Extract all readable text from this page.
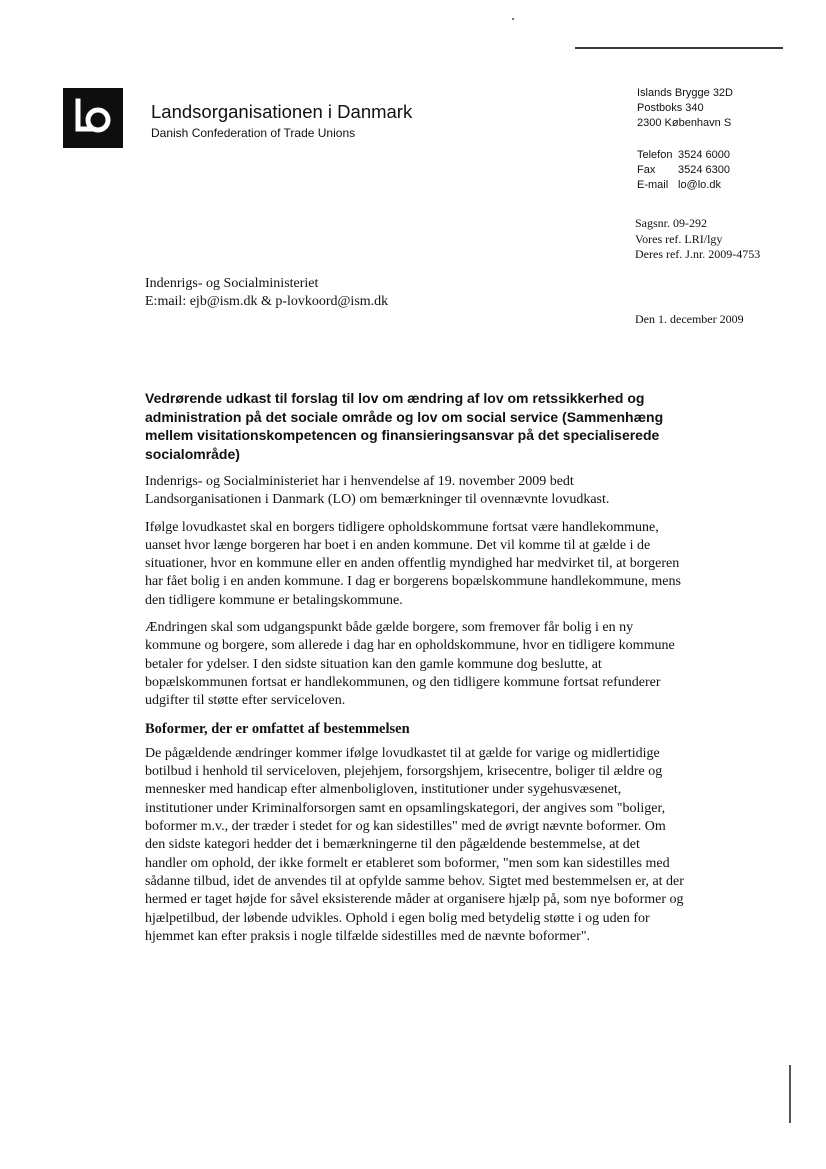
Landsorganisationen i Danmark
Danish Confederation of Trade Unions
Islands Brygge 32D
Postboks 340
2300 København S
Telefon 3524 6000
Fax 3524 6300
E-mail lo@lo.dk
Sagsnr. 09-292
Vores ref. LRI/lgy
Deres ref. J.nr. 2009-4753
Indenrigs- og Socialministeriet
E:mail: ejb@ism.dk & p-lovkoord@ism.dk
Den 1. december 2009
Vedrørende udkast til forslag til lov om ændring af lov om retssikkerhed og administration på det sociale område og lov om social service (Sammenhæng mellem visitationskompetencen og finansieringsansvar på det specialiserede socialområde)

Indenrigs- og Socialministeriet har i henvendelse af 19. november 2009 bedt Landsorganisationen i Danmark (LO) om bemærkninger til ovennævnte lovudkast.

Ifølge lovudkastet skal en borgers tidligere opholdskommune fortsat være handlekommune, uanset hvor længe borgeren har boet i en anden kommune. Det vil komme til at gælde i de situationer, hvor en kommune eller en anden offentlig myndighed har medvirket til, at borgeren har fået bolig i en anden kommune. I dag er borgerens bopælskommune handlekommune, mens den tidligere kommune er betalingskommune.

Ændringen skal som udgangspunkt både gælde borgere, som fremover får bolig i en ny kommune og borgere, som allerede i dag har en opholdskommune, hvor en tidligere kommune betaler for ydelser. I den sidste situation kan den gamle kommune dog beslutte, at bopælskommunen fortsat er handlekommunen, og den tidligere kommune fortsat refunderer udgifter til støtte efter serviceloven.

Boformer, der er omfattet af bestemmelsen

De pågældende ændringer kommer ifølge lovudkastet til at gælde for varige og midlertidige botilbud i henhold til serviceloven, plejehjem, forsorgshjem, krisecentre, boliger til ældre og mennesker med handicap efter almenboligloven, institutioner under sygehusvæsenet, institutioner under Kriminalforsorgen samt en opsamlingskategori, der angives som "boliger, boformer m.v., der træder i stedet for og kan sidestilles" med de øvrigt nævnte boformer. Om den sidste kategori hedder det i bemærkningerne til den pågældende bestemmelse, at det handler om ophold, der ikke formelt er etableret som boformer, "men som kan sidestilles med sådanne tilbud, idet de anvendes til at opfylde samme behov. Sigtet med bestemmelsen er, at der hermed er taget højde for såvel eksisterende måder at organisere hjælp på, som nye boformer og hjælpetilbud, der løbende udvikles. Ophold i egen bolig med betydelig støtte i og uden for hjemmet kan efter praksis i nogle tilfælde sidestilles med de nævnte boformer".
